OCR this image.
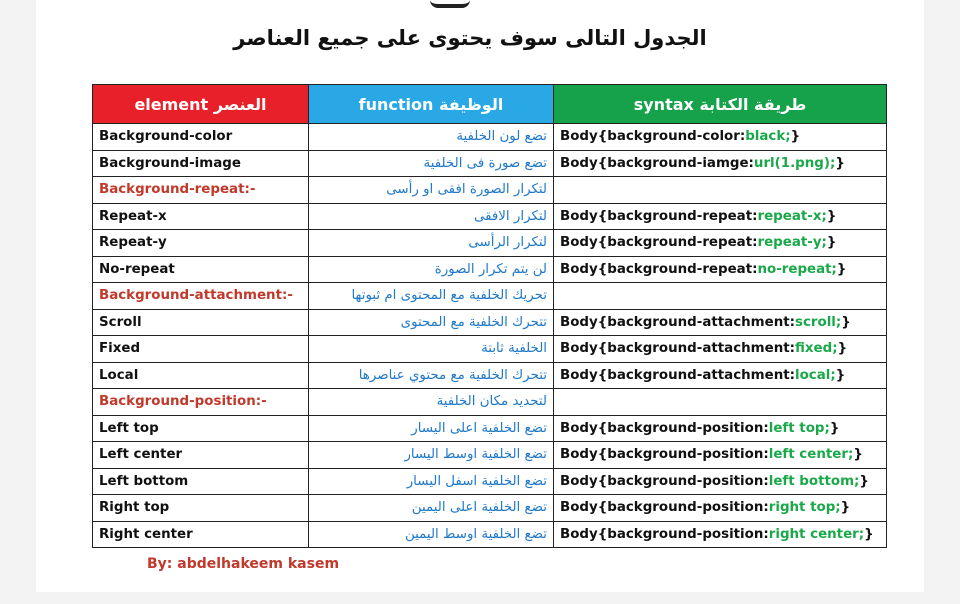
الجدول التالى سوف يحتوى على جميع العناصر
element العنصر	function الوظيفة	syntax طريقة الكتابة
Background-color	تضع لون الخلفية	Body{background-color:black;}
Background-image	تضع صورة فى الخلفية	Body{background-iamge:url(1.png);}
Background-repeat:-	لتكرار الصورة افقى او رأسى	
Repeat-x	لتكرار الافقى	Body{background-repeat:repeat-x;}
Repeat-y	لتكرار الرأسى	Body{background-repeat:repeat-y;}
No-repeat	لن يتم تكرار الصورة	Body{background-repeat:no-repeat;}
Background-attachment:-	تحريك الخلفية مع المحتوى ام ثبوتها	
Scroll	تتحرك الخلفية مع المحتوى	Body{background-attachment:scroll;}
Fixed	الخلفية ثابتة	Body{background-attachment:fixed;}
Local	تتحرك الخلفية مع محتوي عناصرها	Body{background-attachment:local;}
Background-position:-	لتحديد مكان الخلفية	
Left top	تضع الخلفية اعلى اليسار	Body{background-position:left top;}
Left center	تضع الخلفية اوسط اليسار	Body{background-position:left center;}
Left bottom	تضع الخلفية اسفل اليسار	Body{background-position:left bottom;}
Right top	تضع الخلفية اعلى اليمين	Body{background-position:right top;}
Right center	تضع الخلفية اوسط اليمين	Body{background-position:right center;}
By: abdelhakeem kasem
